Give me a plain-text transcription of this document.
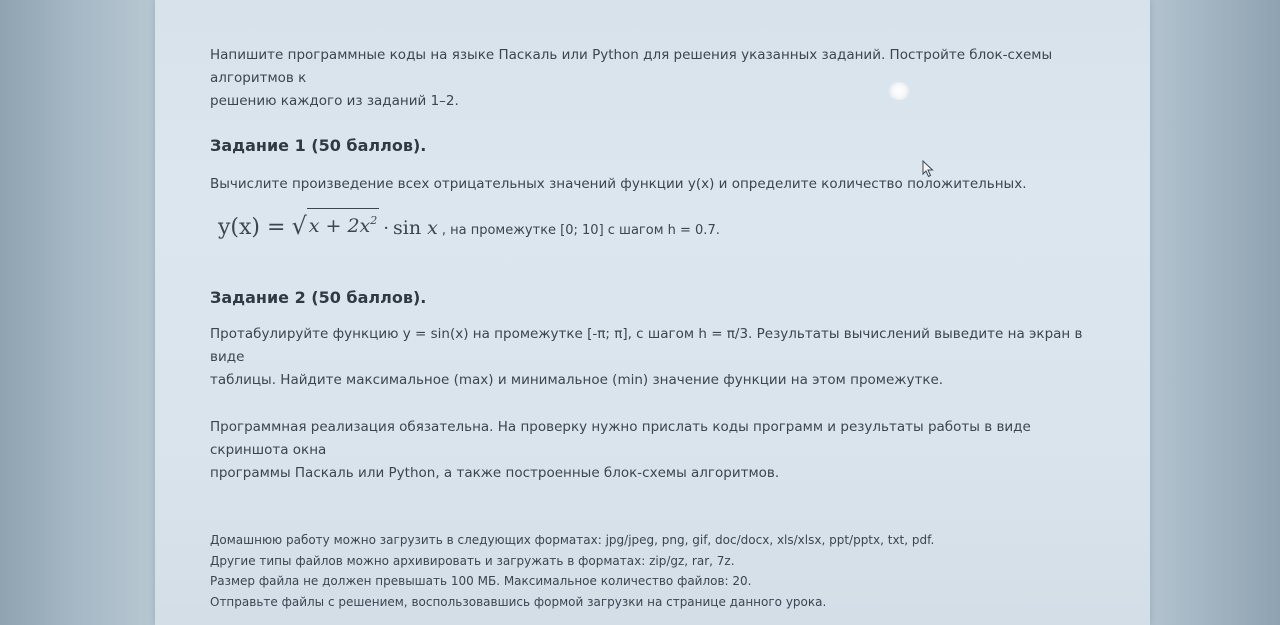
Напишите программные коды на языке Паскаль или Python для решения указанных заданий. Постройте блок-схемы алгоритмов к
решению каждого из заданий 1–2.

Задание 1 (50 баллов).

Вычислите произведение всех отрицательных значений функции y(x) и определите количество положительных.

y(x) = √ $x + 2x^2 \cdot \sin x$ , на промежутке [0; 10] с шагом h = 0.7.
Задание 2 (50 баллов).

Протабулируйте функцию y = sin(x) на промежутке [-π; π], с шагом h = π/3. Результаты вычислений выведите на экран в виде
таблицы. Найдите максимальное (max) и минимальное (min) значение функции на этом промежутке.

Программная реализация обязательна. На проверку нужно прислать коды программ и результаты работы в виде скриншота окна
программы Паскаль или Python, а также построенные блок-схемы алгоритмов.

Домашнюю работу можно загрузить в следующих форматах: jpg/jpeg, png, gif, doc/docx, xls/xlsx, ppt/pptx, txt, pdf.
Другие типы файлов можно архивировать и загружать в форматах: zip/gz, rar, 7z.
Размер файла не должен превышать 100 МБ. Максимальное количество файлов: 20.
Отправьте файлы с решением, воспользовавшись формой загрузки на странице данного урока.
